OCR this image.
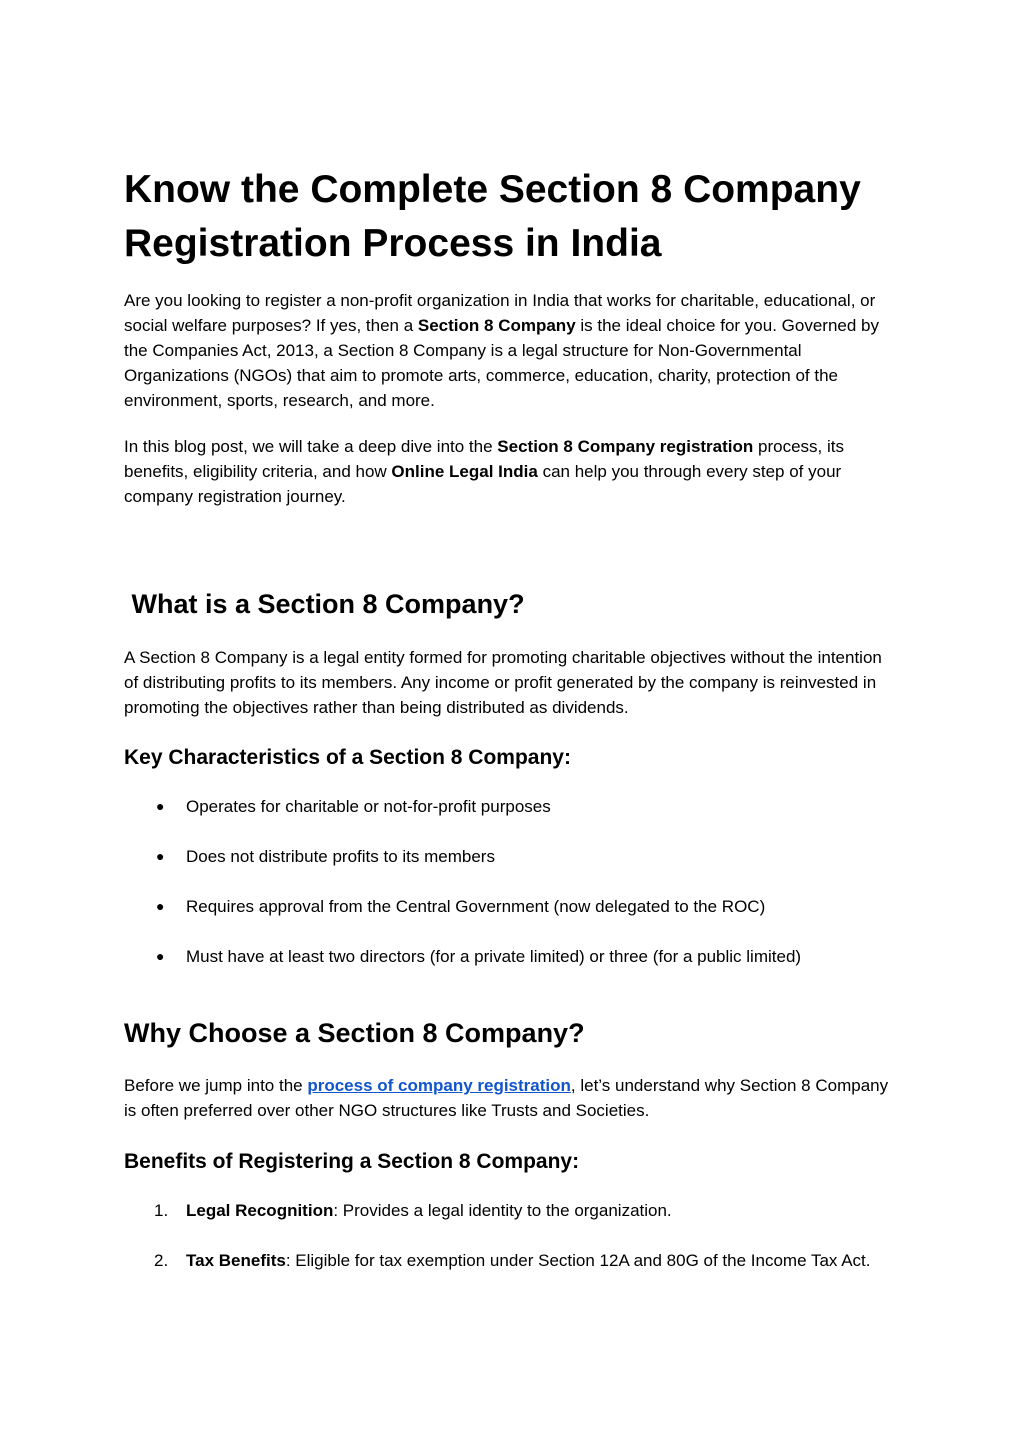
Know the Complete Section 8 Company Registration Process in India

Are you looking to register a non-profit organization in India that works for charitable, educational, or social welfare purposes? If yes, then a Section 8 Company is the ideal choice for you. Governed by the Companies Act, 2013, a Section 8 Company is a legal structure for Non-Governmental Organizations (NGOs) that aim to promote arts, commerce, education, charity, protection of the environment, sports, research, and more.

In this blog post, we will take a deep dive into the Section 8 Company registration process, its benefits, eligibility criteria, and how Online Legal India can help you through every step of your company registration journey.

What is a Section 8 Company?

A Section 8 Company is a legal entity formed for promoting charitable objectives without the intention of distributing profits to its members. Any income or profit generated by the company is reinvested in promoting the objectives rather than being distributed as dividends.

Key Characteristics of a Section 8 Company:
●	Operates for charitable or not-for-profit purposes
●	Does not distribute profits to its members
●	Requires approval from the Central Government (now delegated to the ROC)
●	Must have at least two directors (for a private limited) or three (for a public limited)
Why Choose a Section 8 Company?

Before we jump into the process of company registration, let’s understand why Section 8 Company is often preferred over other NGO structures like Trusts and Societies.

Benefits of Registering a Section 8 Company:
1.	Legal Recognition: Provides a legal identity to the organization.
2.	Tax Benefits: Eligible for tax exemption under Section 12A and 80G of the Income Tax Act.
